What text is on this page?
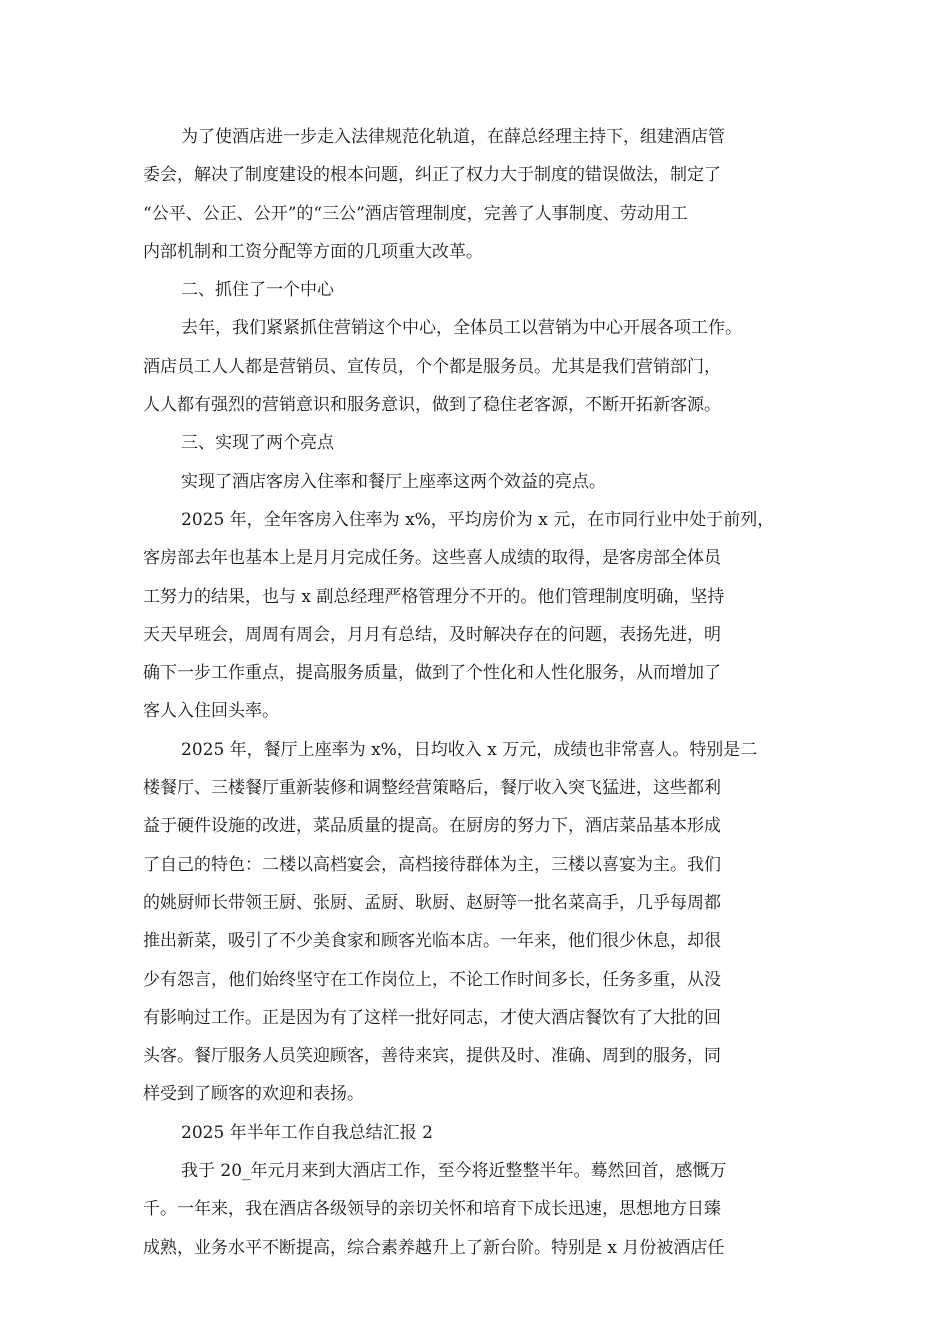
为了使酒店进一步走入法律规范化轨道，在薛总经理主持下，组建酒店管
委会，解决了制度建设的根本问题，纠正了权力大于制度的错误做法，制定了
“公平、公正、公开”的“三公”酒店管理制度，完善了人事制度、劳动用工
内部机制和工资分配等方面的几项重大改革。
二、抓住了一个中心
去年，我们紧紧抓住营销这个中心，全体员工以营销为中心开展各项工作。
酒店员工人人都是营销员、宣传员，个个都是服务员。尤其是我们营销部门，
人人都有强烈的营销意识和服务意识，做到了稳住老客源，不断开拓新客源。
三、实现了两个亮点
实现了酒店客房入住率和餐厅上座率这两个效益的亮点。
2025 年，全年客房入住率为 x%，平均房价为 x 元，在市同行业中处于前列，
客房部去年也基本上是月月完成任务。这些喜人成绩的取得，是客房部全体员
工努力的结果，也与 x 副总经理严格管理分不开的。他们管理制度明确，坚持
天天早班会，周周有周会，月月有总结，及时解决存在的问题，表扬先进，明
确下一步工作重点，提高服务质量，做到了个性化和人性化服务，从而增加了
客人入住回头率。
2025 年，餐厅上座率为 x%，日均收入 x 万元，成绩也非常喜人。特别是二
楼餐厅、三楼餐厅重新装修和调整经营策略后，餐厅收入突飞猛进，这些都利
益于硬件设施的改进，菜品质量的提高。在厨房的努力下，酒店菜品基本形成
了自己的特色：二楼以高档宴会，高档接待群体为主，三楼以喜宴为主。我们
的姚厨师长带领王厨、张厨、孟厨、耿厨、赵厨等一批名菜高手，几乎每周都
推出新菜，吸引了不少美食家和顾客光临本店。一年来，他们很少休息，却很
少有怨言，他们始终坚守在工作岗位上，不论工作时间多长，任务多重，从没
有影响过工作。正是因为有了这样一批好同志，才使大酒店餐饮有了大批的回
头客。餐厅服务人员笑迎顾客，善待来宾，提供及时、准确、周到的服务，同
样受到了顾客的欢迎和表扬。
2025 年半年工作自我总结汇报 2
我于 20_年元月来到大酒店工作，至今将近整整半年。蓦然回首，感慨万
千。一年来，我在酒店各级领导的亲切关怀和培育下成长迅速，思想地方日臻
成熟，业务水平不断提高，综合素养越升上了新台阶。特别是 x 月份被酒店任
